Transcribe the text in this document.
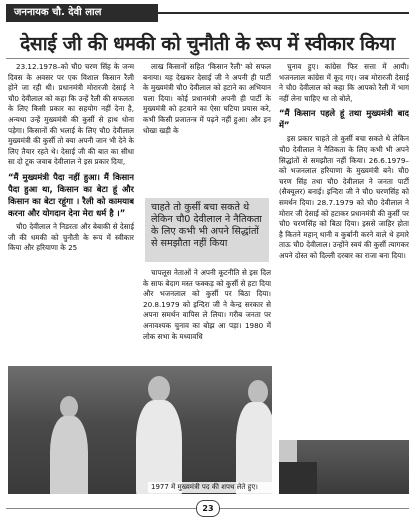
जननायक चौ. देवी लाल
देसाई जी की धमकी को चुनौती के रूप में स्वीकार किया

23.12.1978–को चौ0 चरण सिंह के जन्म दिवस के अवसर पर एक विशाल किसान रैली होने जा रही थी। प्रधानमंत्री मोरारजी देसाई ने चौ0 देवीलाल को कहा कि उन्हें रैली की सफलता के लिए किसी प्रकार का सहयोग नहीं देना है, अन्यथा उन्हें मुख्यमंत्री की कुर्सी से हाथ धोना पड़ेगा। किसानों की भलाई के लिए चौ0 देवीलाल मुख्यमंत्री की कुर्सी तो क्या अपनी जान भी देने के लिए तैयार रहते थे। देसाई जी की बात का सीधा सा दो टूक जवाब देवीलाल ने इस प्रकार दिया,

“मैं मुख्यमंत्री पैदा नहीं हुआ। मैं किसान पैदा हुआ था, किसान का बेटा हूं और किसान का बेटा रहूंगा । रैली को कामयाब करना और योगदान देना मेरा धर्म है ।”

चौ0 देवीलाल ने निडरता और बेबाकी से देसाई जी की धमकी को चुनौती के रूप में स्वीकार किया और हरियाणा के 25

लाख किसानों सहित 'किसान रैली' को सफल बनाया। यह देखकर देसाई जी ने अपनी ही पार्टी के मुख्यमंत्री चौ0 देवीलाल को हटाने का अभियान चला दिया। कोई प्रधानमंत्री अपनी ही पार्टी के मुख्यमंत्री को हटवाने का ऐसा घटिया प्रयास करे, कभी किसी प्रजातन्त्र में पढ़ने नहीं हुआ। और इन धोखा खड़ी के

चाहते तो कुर्सी बचा सकते थे लेकिन चौ0 देवीलाल ने नैतिकता के लिए कभी भी अपने सिद्धांतों से समझौता नहीं किया

चापलूस नेताओं ने अपनी कूटनीति से इस दिल के साफ बेदाग मस्त फक्कड़ को कुर्सी से हटा दिया और भजनलाल को कुर्सी पर बिठा दिया। 20.8.1979 को इन्दिरा जी ने केन्द्र सरकार से अपना समर्थन वापिस ले लिया। गरीब जनता पर अनावश्यक चुनाव का बोझ आ पड़ा। 1980 में लोक सभा के मध्यावधि

चुनाव हुए। कांग्रेस फिर सत्ता में आयी। भजनलाल कांग्रेस में कूद गए। जब मोरारजी देसाई ने चौ0 देवीलाल को कहा कि आपको रैली में भाग नहीं लेना चाहिए था तो बोले,

“मैं किसान पहले हूं तथा मुख्यमंत्री बाद में”

इस प्रकार चाहते तो कुर्सी बचा सकते थे लेकिन चौ0 देवीलाल ने नैतिकता के लिए कभी भी अपने सिद्धांतों से समझौता नहीं किया। 26.6.1979–को भजनलाल हरियाणा के मुख्यमंत्री बने। चौ0 चरण सिंह तथा चौ0 देवीलाल ने जनता पार्टी (सैक्यूलर) बनाई। इन्दिरा जी ने चौ0 चरणसिंह को समर्थन दिया। 28.7.1979 को चौ0 देवीलाल ने मोरार जी देसाई को हटाकर प्रधानमंत्री की कुर्सी पर चौ0 चरणसिंह को बिठा दिया। इससे जाहिर होता है कितने महान् थानी व कुर्बानी करने वाले थे हमारे ताऊ चौ0 देवीलाल। उन्होंने स्वयं की कुर्सी त्यागकर अपने दोस्त को दिल्ली दरबार का राजा बना दिया।

1977 में मुख्यमंत्री पद की शपथ लेते हुए।
23
